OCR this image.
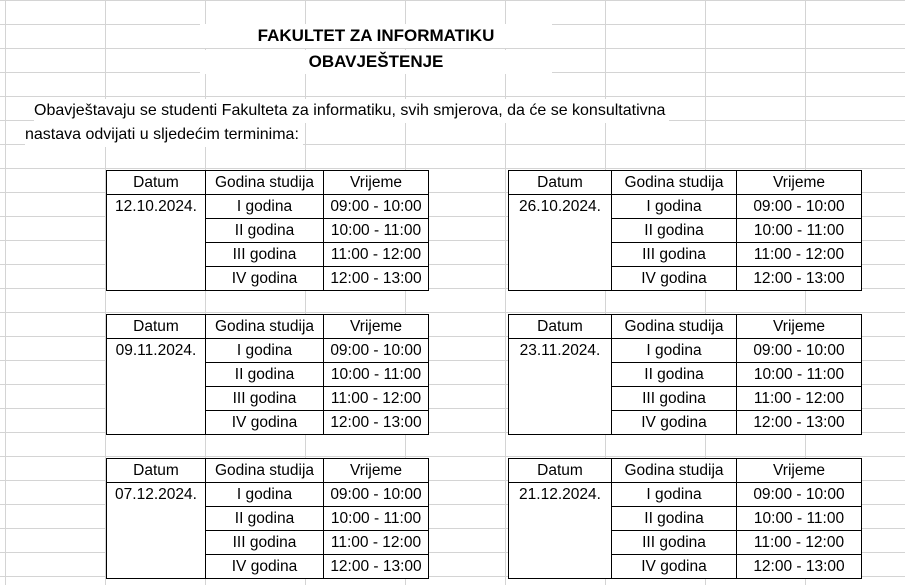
FAKULTET ZA INFORMATIKU
OBAVJEŠTENJE
Obavještavaju se studenti Fakulteta za informatiku, svih smjerova, da će se konsultativna
nastava odvijati u sljedećim terminima:
Datum	Godina studija	Vrijeme
12.10.2024.	I godina	09:00 - 10:00
	II godina	10:00 - 11:00
	III godina	11:00 - 12:00
	IV godina	12:00 - 13:00
Datum	Godina studija	Vrijeme
26.10.2024.	I godina	09:00 - 10:00
	II godina	10:00 - 11:00
	III godina	11:00 - 12:00
	IV godina	12:00 - 13:00
Datum	Godina studija	Vrijeme
09.11.2024.	I godina	09:00 - 10:00
	II godina	10:00 - 11:00
	III godina	11:00 - 12:00
	IV godina	12:00 - 13:00
Datum	Godina studija	Vrijeme
23.11.2024.	I godina	09:00 - 10:00
	II godina	10:00 - 11:00
	III godina	11:00 - 12:00
	IV godina	12:00 - 13:00
Datum	Godina studija	Vrijeme
07.12.2024.	I godina	09:00 - 10:00
	II godina	10:00 - 11:00
	III godina	11:00 - 12:00
	IV godina	12:00 - 13:00
Datum	Godina studija	Vrijeme
21.12.2024.	I godina	09:00 - 10:00
	II godina	10:00 - 11:00
	III godina	11:00 - 12:00
	IV godina	12:00 - 13:00
